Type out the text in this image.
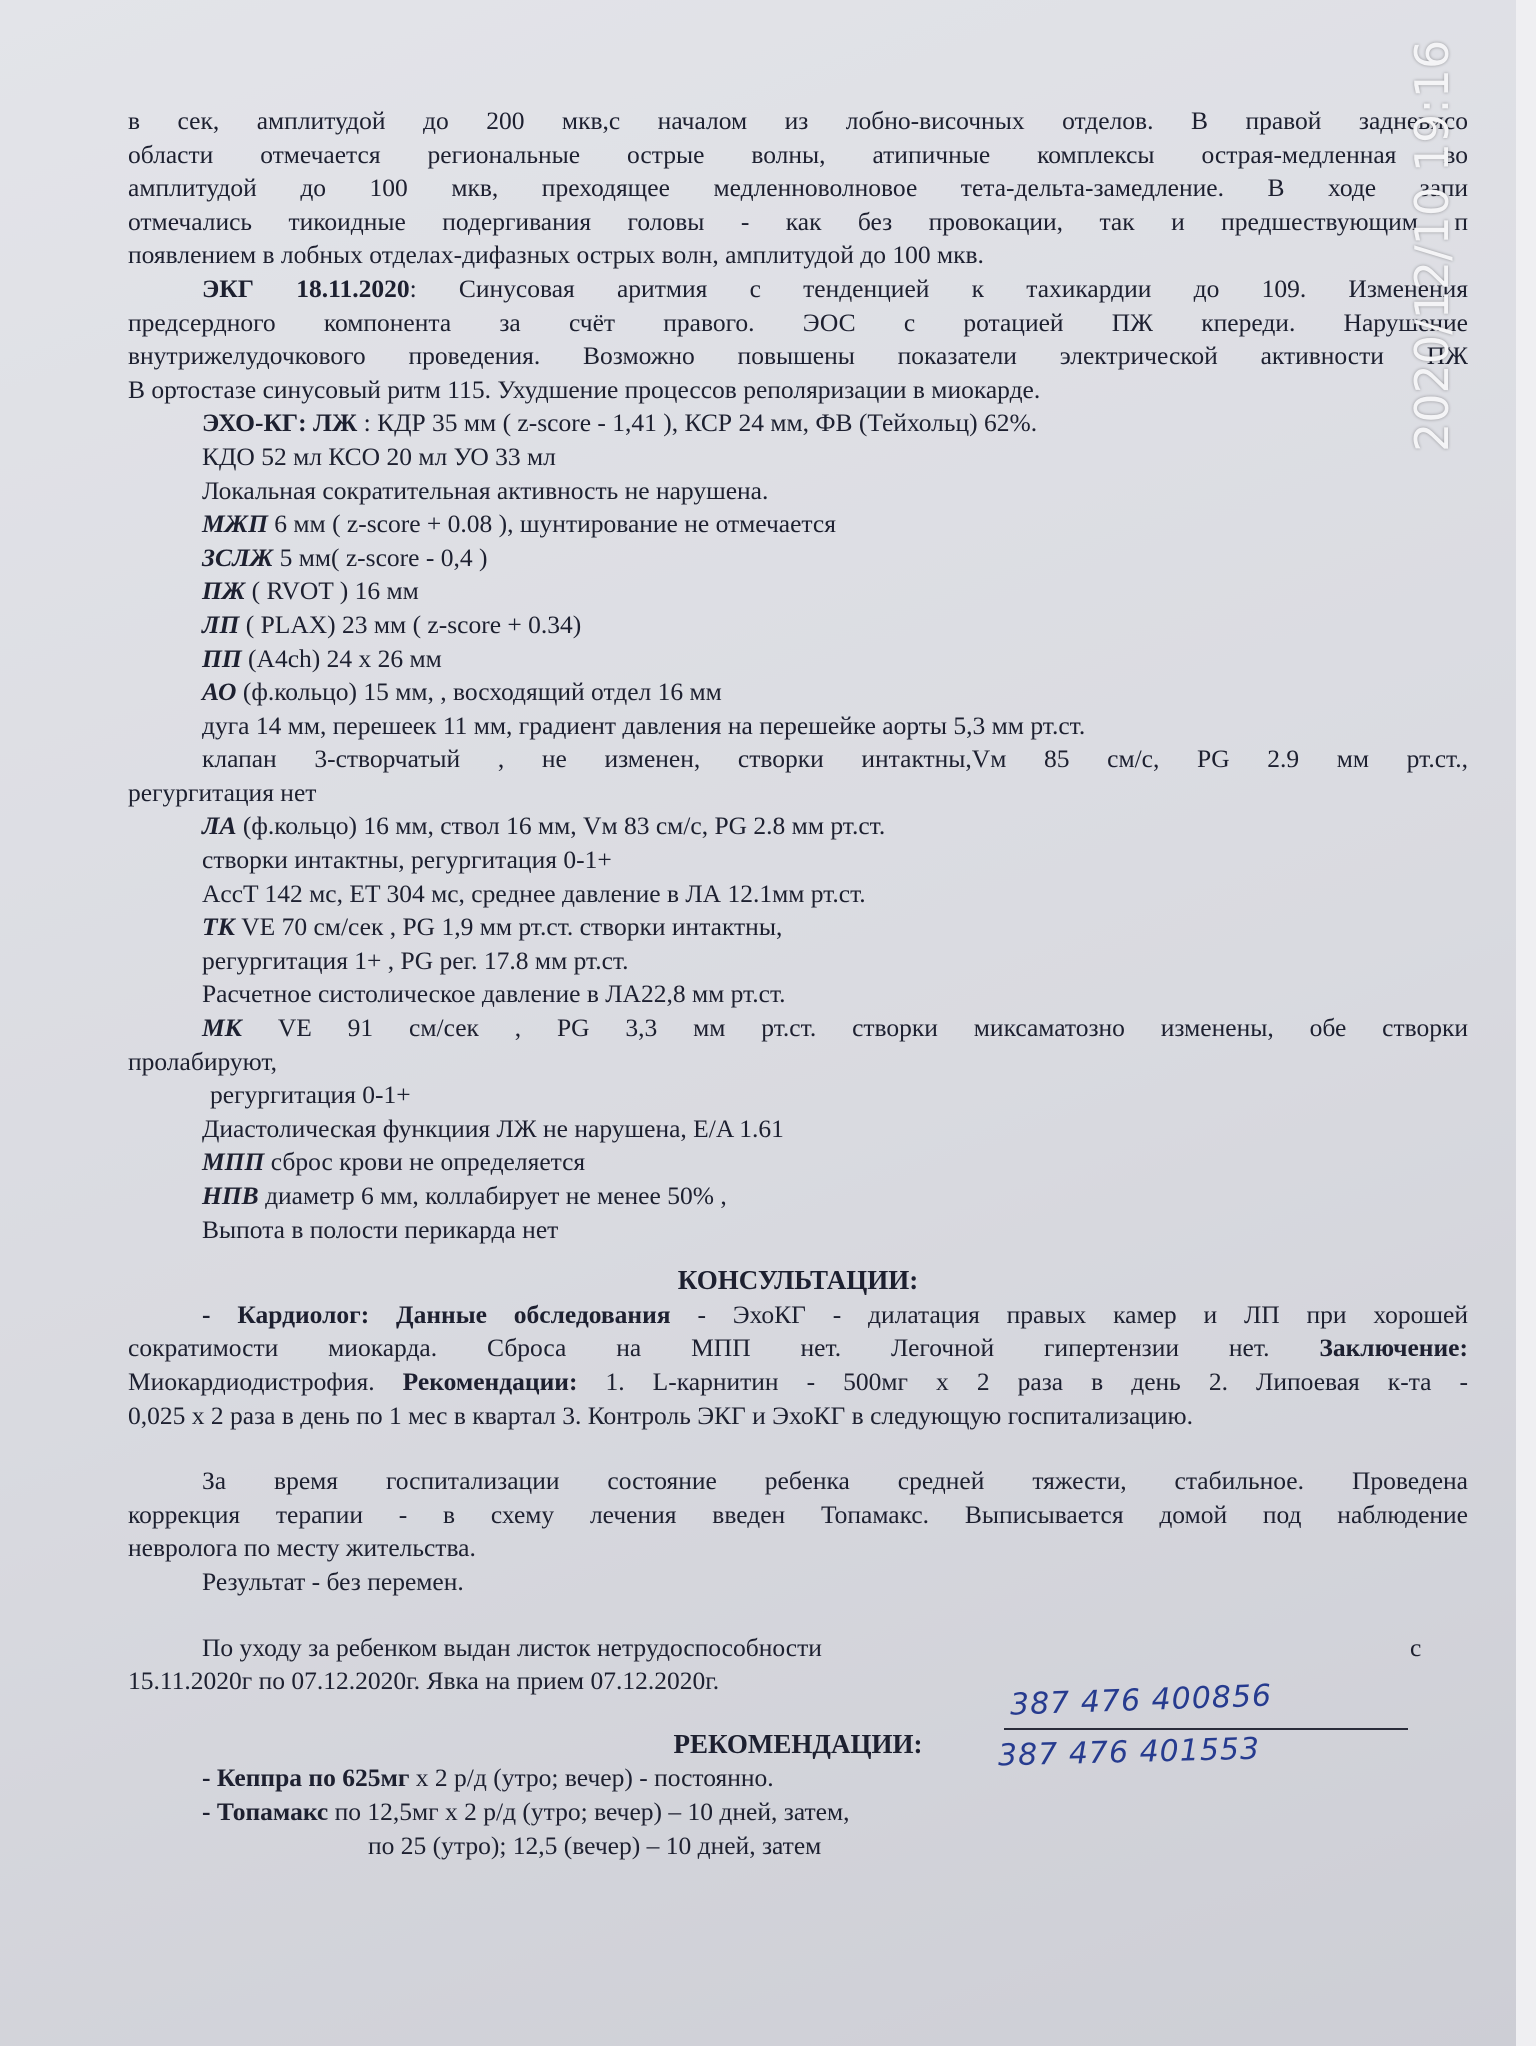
в сек, амплитудой до 200 мкв,с началом из лобно-височных отделов. В правой задневисо
области отмечается региональные острые волны, атипичные комплексы острая-медленная во
амплитудой до 100 мкв, преходящее медленноволновое тета-дельта-замедление. В ходе запи
отмечались тикоидные подергивания головы - как без провокации, так и предшествующим п
появлением в лобных отделах-дифазных острых волн, амплитудой до 100 мкв.
ЭКГ 18.11.2020: Синусовая аритмия с тенденцией к тахикардии до 109. Изменения
предсердного компонента за счёт правого. ЭОС с ротацией ПЖ кпереди. Нарушение
внутрижелудочкового проведения. Возможно повышены показатели электрической активности ПЖ
В ортостазе синусовый ритм 115. Ухудшение процессов реполяризации в миокарде.
ЭХО-КГ: ЛЖ : КДР 35 мм ( z-score - 1,41 ), КСР 24 мм, ФВ (Тейхольц) 62%.
КДО 52 мл КСО 20 мл УО 33 мл
Локальная сократительная активность не нарушена.
МЖП 6 мм ( z-score + 0.08 ), шунтирование не отмечается
ЗСЛЖ 5 мм( z-score - 0,4 )
ПЖ ( RVOT ) 16 мм
ЛП ( PLAX) 23 мм ( z-score + 0.34)
ПП (A4ch) 24 х 26 мм
АО (ф.кольцо) 15 мм, , восходящий отдел 16 мм
дуга 14 мм, перешеек 11 мм, градиент давления на перешейке аорты 5,3 мм рт.ст.
клапан 3-створчатый , не изменен, створки интактны,Vм 85 см/с, PG 2.9 мм рт.ст.,
регургитация нет
ЛА (ф.кольцо) 16 мм, ствол 16 мм, Vм 83 см/с, PG 2.8 мм рт.ст.
створки интактны, регургитация 0-1+
AccT 142 мс, ET 304 мс, среднее давление в ЛА 12.1мм рт.ст.
ТК VE 70 см/сек , PG 1,9 мм рт.ст. створки интактны,
регургитация 1+ , PG рег. 17.8 мм рт.ст.
Расчетное систолическое давление в ЛА22,8 мм рт.ст.
МК VE 91 см/сек , PG 3,3 мм рт.ст. створки миксаматозно изменены, обе створки
пролабируют,
регургитация 0-1+
Диастолическая функциия ЛЖ не нарушена, E/A 1.61
МПП сброс крови не определяется
НПВ диаметр 6 мм, коллабирует не менее 50% ,
Выпота в полости перикарда нет
КОНСУЛЬТАЦИИ:
- Кардиолог: Данные обследования - ЭхоКГ - дилатация правых камер и ЛП при хорошей
сократимости миокарда. Сброса на МПП нет. Легочной гипертензии нет. Заключение:
Миокардиодистрофия. Рекомендации: 1. L-карнитин - 500мг х 2 раза в день 2. Липоевая к-та -
0,025 х 2 раза в день по 1 мес в квартал 3. Контроль ЭКГ и ЭхоКГ в следующую госпитализацию.
За время госпитализации состояние ребенка средней тяжести, стабильное. Проведена
коррекция терапии - в схему лечения введен Топамакс. Выписывается домой под наблюдение
невролога по месту жительства.
Результат - без перемен.
По уходу за ребенком выдан листок нетрудоспособности	с
15.11.2020г по 07.12.2020г. Явка на прием 07.12.2020г.
РЕКОМЕНДАЦИИ:
- Кеппра по 625мг х 2 р/д (утро; вечер) - постоянно.
- Топамакс по 12,5мг х 2 р/д (утро; вечер) – 10 дней, затем,
по 25 (утро); 12,5 (вечер) – 10 дней, затем
387 476 400856
387 476 401553
2020/12/10 19:16
